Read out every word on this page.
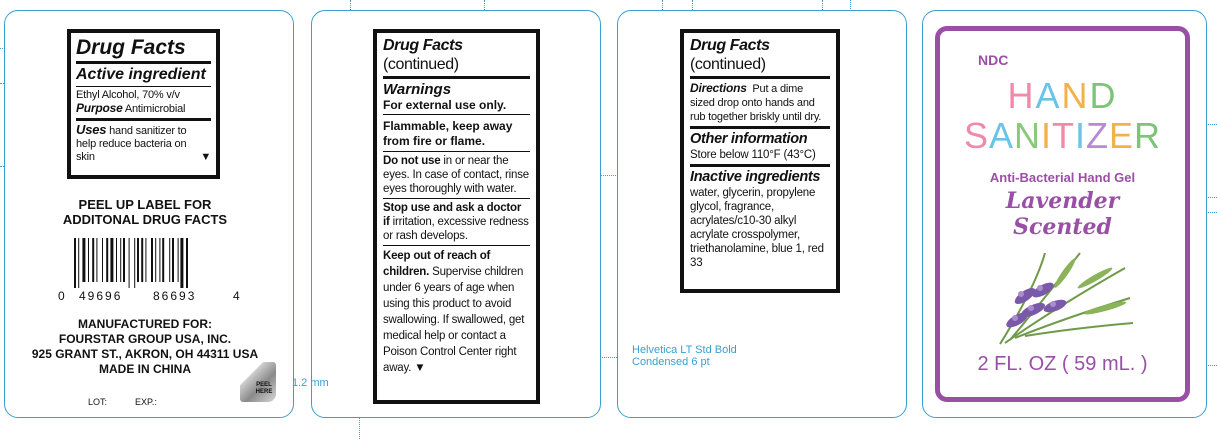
Drug Facts
Active ingredient
Ethyl Alcohol, 70% v/v
Purpose Antimicrobial
Uses hand sanitizer to help reduce bacteria on skin	▼
PEEL UP LABEL FOR
ADDITONAL DRUG FACTS
0 49696	86693	4
MANUFACTURED FOR:
FOURSTAR GROUP USA, INC.
925 GRANT ST., AKRON, OH 44311 USA
MADE IN CHINA
LOT:	EXP.:
PEEL HERE
Drug Facts (continued)
Warnings
For external use only.
Flammable, keep away from fire or flame.
Do not use in or near the eyes. In case of contact, rinse eyes thoroughly with water.
Stop use and ask a doctor if irritation, excessive redness or rash develops.
Keep out of reach of children. Supervise children under 6 years of age when using this product to avoid swallowing. If swallowed, get medical help or contact a Poison Control Center right away. ▼
1.2 mm
Drug Facts (continued)
Directions Put a dime sized drop onto hands and rub together briskly until dry.
Other information
Store below 110°F (43°C)
Inactive ingredients
water, glycerin, propylene glycol, fragrance, acrylates/c10-30 alkyl acrylate crosspolymer, triethanolamine, blue 1, red 33
Helvetica LT Std Bold
Condensed 6 pt
NDC
HAND
SANITIZER
Anti-Bacterial Hand Gel
Lavender
Scented
2 FL. OZ ( 59 mL. )
